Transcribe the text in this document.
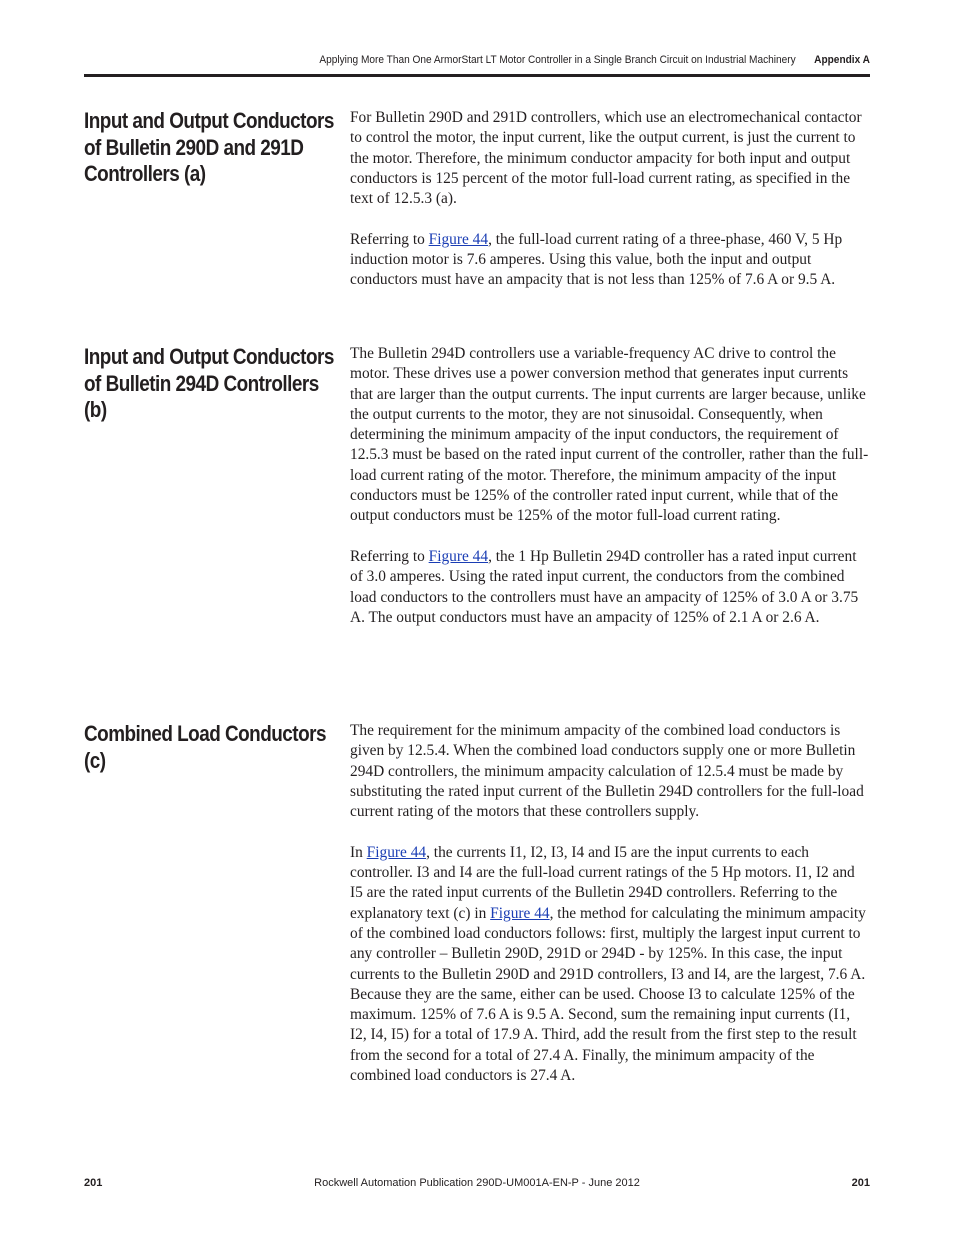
Applying More Than One ArmorStart LT Motor Controller in a Single Branch Circuit on Industrial Machinery Appendix A
Input and Output Conductors of Bulletin 290D and 291D Controllers (a)

For Bulletin 290D and 291D controllers, which use an electromechanical contactor to control the motor, the input current, like the output current, is just the current to the motor. Therefore, the minimum conductor ampacity for both input and output conductors is 125 percent of the motor full-load current rating, as specified in the text of 12.5.3 (a).

Referring to Figure 44, the full-load current rating of a three-phase, 460 V, 5 Hp induction motor is 7.6 amperes. Using this value, both the input and output conductors must have an ampacity that is not less than 125% of 7.6 A or 9.5 A.

Input and Output Conductors of Bulletin 294D Controllers (b)

The Bulletin 294D controllers use a variable-frequency AC drive to control the motor. These drives use a power conversion method that generates input currents that are larger than the output currents. The input currents are larger because, unlike the output currents to the motor, they are not sinusoidal. Consequently, when determining the minimum ampacity of the input conductors, the requirement of 12.5.3 must be based on the rated input current of the controller, rather than the full-load current rating of the motor. Therefore, the minimum ampacity of the input conductors must be 125% of the controller rated input current, while that of the output conductors must be 125% of the motor full-load current rating.

Referring to Figure 44, the 1 Hp Bulletin 294D controller has a rated input current of 3.0 amperes. Using the rated input current, the conductors from the combined load conductors to the controllers must have an ampacity of 125% of 3.0 A or 3.75 A. The output conductors must have an ampacity of 125% of 2.1 A or 2.6 A.

Combined Load Conductors (c)

The requirement for the minimum ampacity of the combined load conductors is given by 12.5.4. When the combined load conductors supply one or more Bulletin 294D controllers, the minimum ampacity calculation of 12.5.4 must be made by substituting the rated input current of the Bulletin 294D controllers for the full-load current rating of the motors that these controllers supply.

In Figure 44, the currents I1, I2, I3, I4 and I5 are the input currents to each controller. I3 and I4 are the full-load current ratings of the 5 Hp motors. I1, I2 and I5 are the rated input currents of the Bulletin 294D controllers. Referring to the explanatory text (c) in Figure 44, the method for calculating the minimum ampacity of the combined load conductors follows: first, multiply the largest input current to any controller – Bulletin 290D, 291D or 294D - by 125%. In this case, the input currents to the Bulletin 290D and 291D controllers, I3 and I4, are the largest, 7.6 A. Because they are the same, either can be used. Choose I3 to calculate 125% of the maximum. 125% of 7.6 A is 9.5 A. Second, sum the remaining input currents (I1, I2, I4, I5) for a total of 17.9 A. Third, add the result from the first step to the result from the second for a total of 27.4 A. Finally, the minimum ampacity of the combined load conductors is 27.4 A.

201	Rockwell Automation Publication 290D-UM001A-EN-P - June 2012	201
